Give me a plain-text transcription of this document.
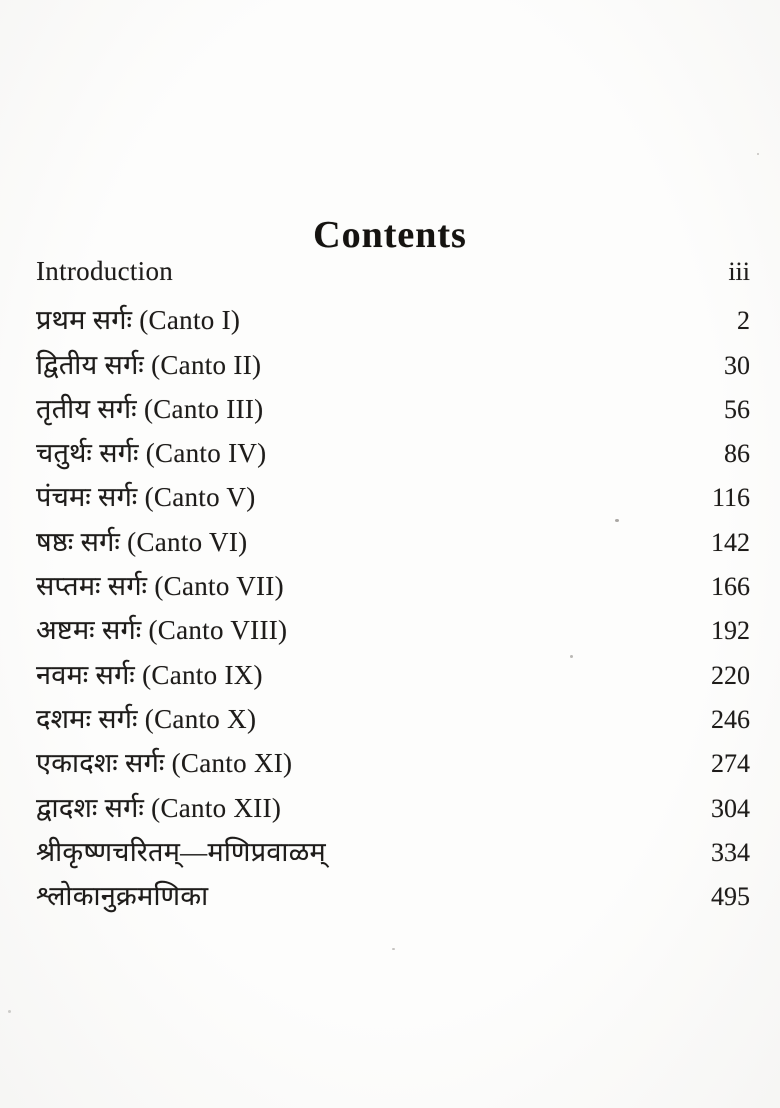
Contents
Introduction	iii
प्रथम सर्गः (Canto I)	2
द्वितीय सर्गः (Canto II)	30
तृतीय सर्गः (Canto III)	56
चतुर्थः सर्गः (Canto IV)	86
पंचमः सर्गः (Canto V)	116
षष्ठः सर्गः (Canto VI)	142
सप्तमः सर्गः (Canto VII)	166
अष्टमः सर्गः (Canto VIII)	192
नवमः सर्गः (Canto IX)	220
दशमः सर्गः (Canto X)	246
एकादशः सर्गः (Canto XI)	274
द्वादशः सर्गः (Canto XII)	304
श्रीकृष्णचरितम्—मणिप्रवाळम्	334
श्लोकानुक्रमणिका	495
